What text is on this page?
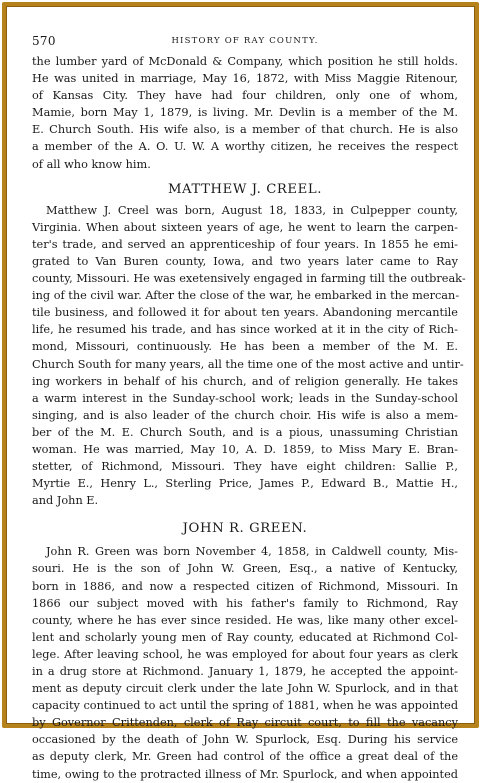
570	HISTORY OF RAY COUNTY.
the lumber yard of McDonald & Company, which position he still holds.
He was united in marriage, May 16, 1872, with Miss Maggie Ritenour,
of Kansas City. They have had four children, only one of whom,
Mamie, born May 1, 1879, is living. Mr. Devlin is a member of the M.
E. Church South. His wife also, is a member of that church. He is also
a member of the A. O. U. W. A worthy citizen, he receives the respect
of all who know him.
MATTHEW J. CREEL.
Matthew J. Creel was born, August 18, 1833, in Culpepper county,
Virginia. When about sixteen years of age, he went to learn the carpen-
ter's trade, and served an apprenticeship of four years. In 1855 he emi-
grated to Van Buren county, Iowa, and two years later came to Ray
county, Missouri. He was exetensively engaged in farming till the outbreak-
ing of the civil war. After the close of the war, he embarked in the mercan-
tile business, and followed it for about ten years. Abandoning mercantile
life, he resumed his trade, and has since worked at it in the city of Rich-
mond, Missouri, continuously. He has been a member of the M. E.
Church South for many years, all the time one of the most active and untir-
ing workers in behalf of his church, and of religion generally. He takes
a warm interest in the Sunday-school work; leads in the Sunday-school
singing, and is also leader of the church choir. His wife is also a mem-
ber of the M. E. Church South, and is a pious, unassuming Christian
woman. He was married, May 10, A. D. 1859, to Miss Mary E. Bran-
stetter, of Richmond, Missouri. They have eight children: Sallie P.,
Myrtie E., Henry L., Sterling Price, James P., Edward B., Mattie H.,
and John E.
JOHN R. GREEN.
John R. Green was born November 4, 1858, in Caldwell county, Mis-
souri. He is the son of John W. Green, Esq., a native of Kentucky,
born in 1886, and now a respected citizen of Richmond, Missouri. In
1866 our subject moved with his father's family to Richmond, Ray
county, where he has ever since resided. He was, like many other excel-
lent and scholarly young men of Ray county, educated at Richmond Col-
lege. After leaving school, he was employed for about four years as clerk
in a drug store at Richmond. January 1, 1879, he accepted the appoint-
ment as deputy circuit clerk under the late John W. Spurlock, and in that
capacity continued to act until the spring of 1881, when he was appointed
by Governor Crittenden, clerk of Ray circuit court, to fill the vacancy
occasioned by the death of John W. Spurlock, Esq. During his service
as deputy clerk, Mr. Green had control of the office a great deal of the
time, owing to the protracted illness of Mr. Spurlock, and when appointed
